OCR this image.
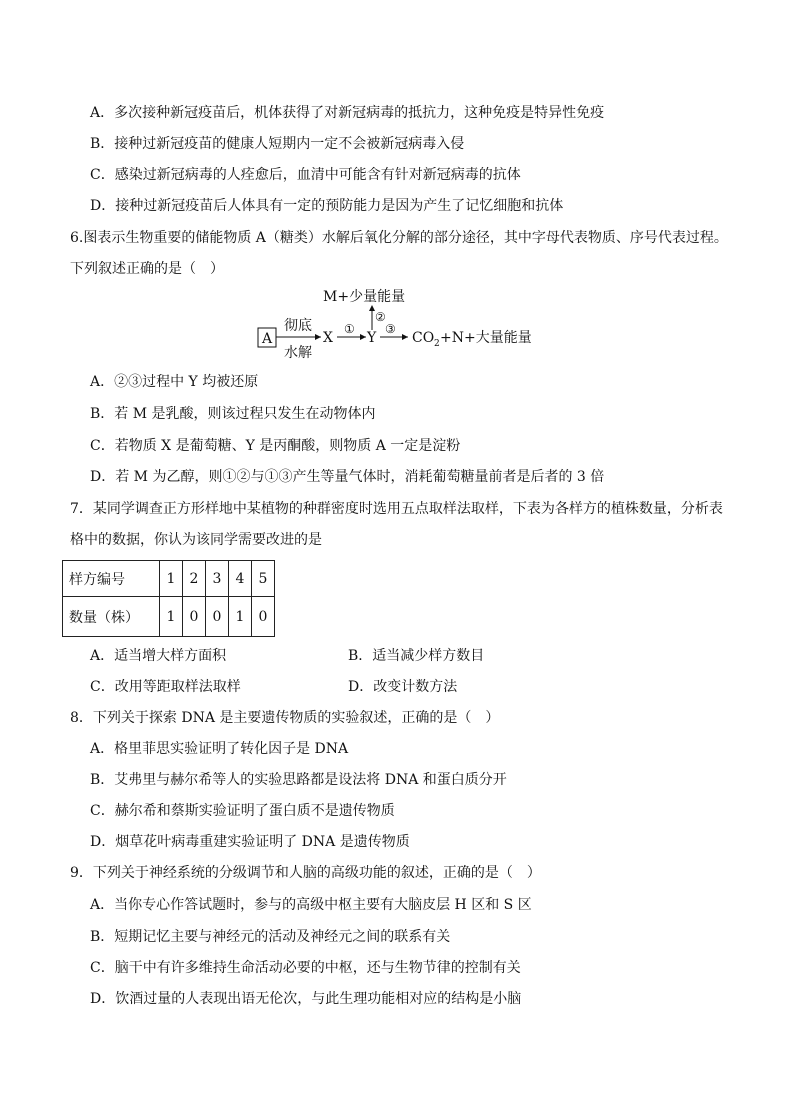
A．多次接种新冠疫苗后，机体获得了对新冠病毒的抵抗力，这种免疫是特异性免疫
B．接种过新冠疫苗的健康人短期内一定不会被新冠病毒入侵
C．感染过新冠病毒的人痊愈后，血清中可能含有针对新冠病毒的抗体
D．接种过新冠疫苗后人体具有一定的预防能力是因为产生了记忆细胞和抗体
6.图表示生物重要的储能物质 A（糖类）水解后氧化分解的部分途径，其中字母代表物质、序号代表过程。
下列叙述正确的是（　）
M+少量能量
A
彻底
水解
X
①
Y
②
③
CO 2 +N+大量能量
A．②③过程中 Y 均被还原
B．若 M 是乳酸，则该过程只发生在动物体内
C．若物质 X 是葡萄糖、Y 是丙酮酸，则物质 A 一定是淀粉
D．若 M 为乙醇，则①②与①③产生等量气体时，消耗葡萄糖量前者是后者的 3 倍
7．某同学调查正方形样地中某植物的种群密度时选用五点取样法取样，下表为各样方的植株数量，分析表
格中的数据，你认为该同学需要改进的是
样方编号	1	2	3	4	5
数量（株）	1	0	0	1	0
A．适当增大样方面积	B．适当减少样方数目
C．改用等距取样法取样	D．改变计数方法
8．下列关于探索 DNA 是主要遗传物质的实验叙述，正确的是（　）
A．格里菲思实验证明了转化因子是 DNA
B．艾弗里与赫尔希等人的实验思路都是设法将 DNA 和蛋白质分开
C．赫尔希和蔡斯实验证明了蛋白质不是遗传物质
D．烟草花叶病毒重建实验证明了 DNA 是遗传物质
9．下列关于神经系统的分级调节和人脑的高级功能的叙述，正确的是（　）
A．当你专心作答试题时，参与的高级中枢主要有大脑皮层 H 区和 S 区
B．短期记忆主要与神经元的活动及神经元之间的联系有关
C．脑干中有许多维持生命活动必要的中枢，还与生物节律的控制有关
D．饮酒过量的人表现出语无伦次，与此生理功能相对应的结构是小脑
